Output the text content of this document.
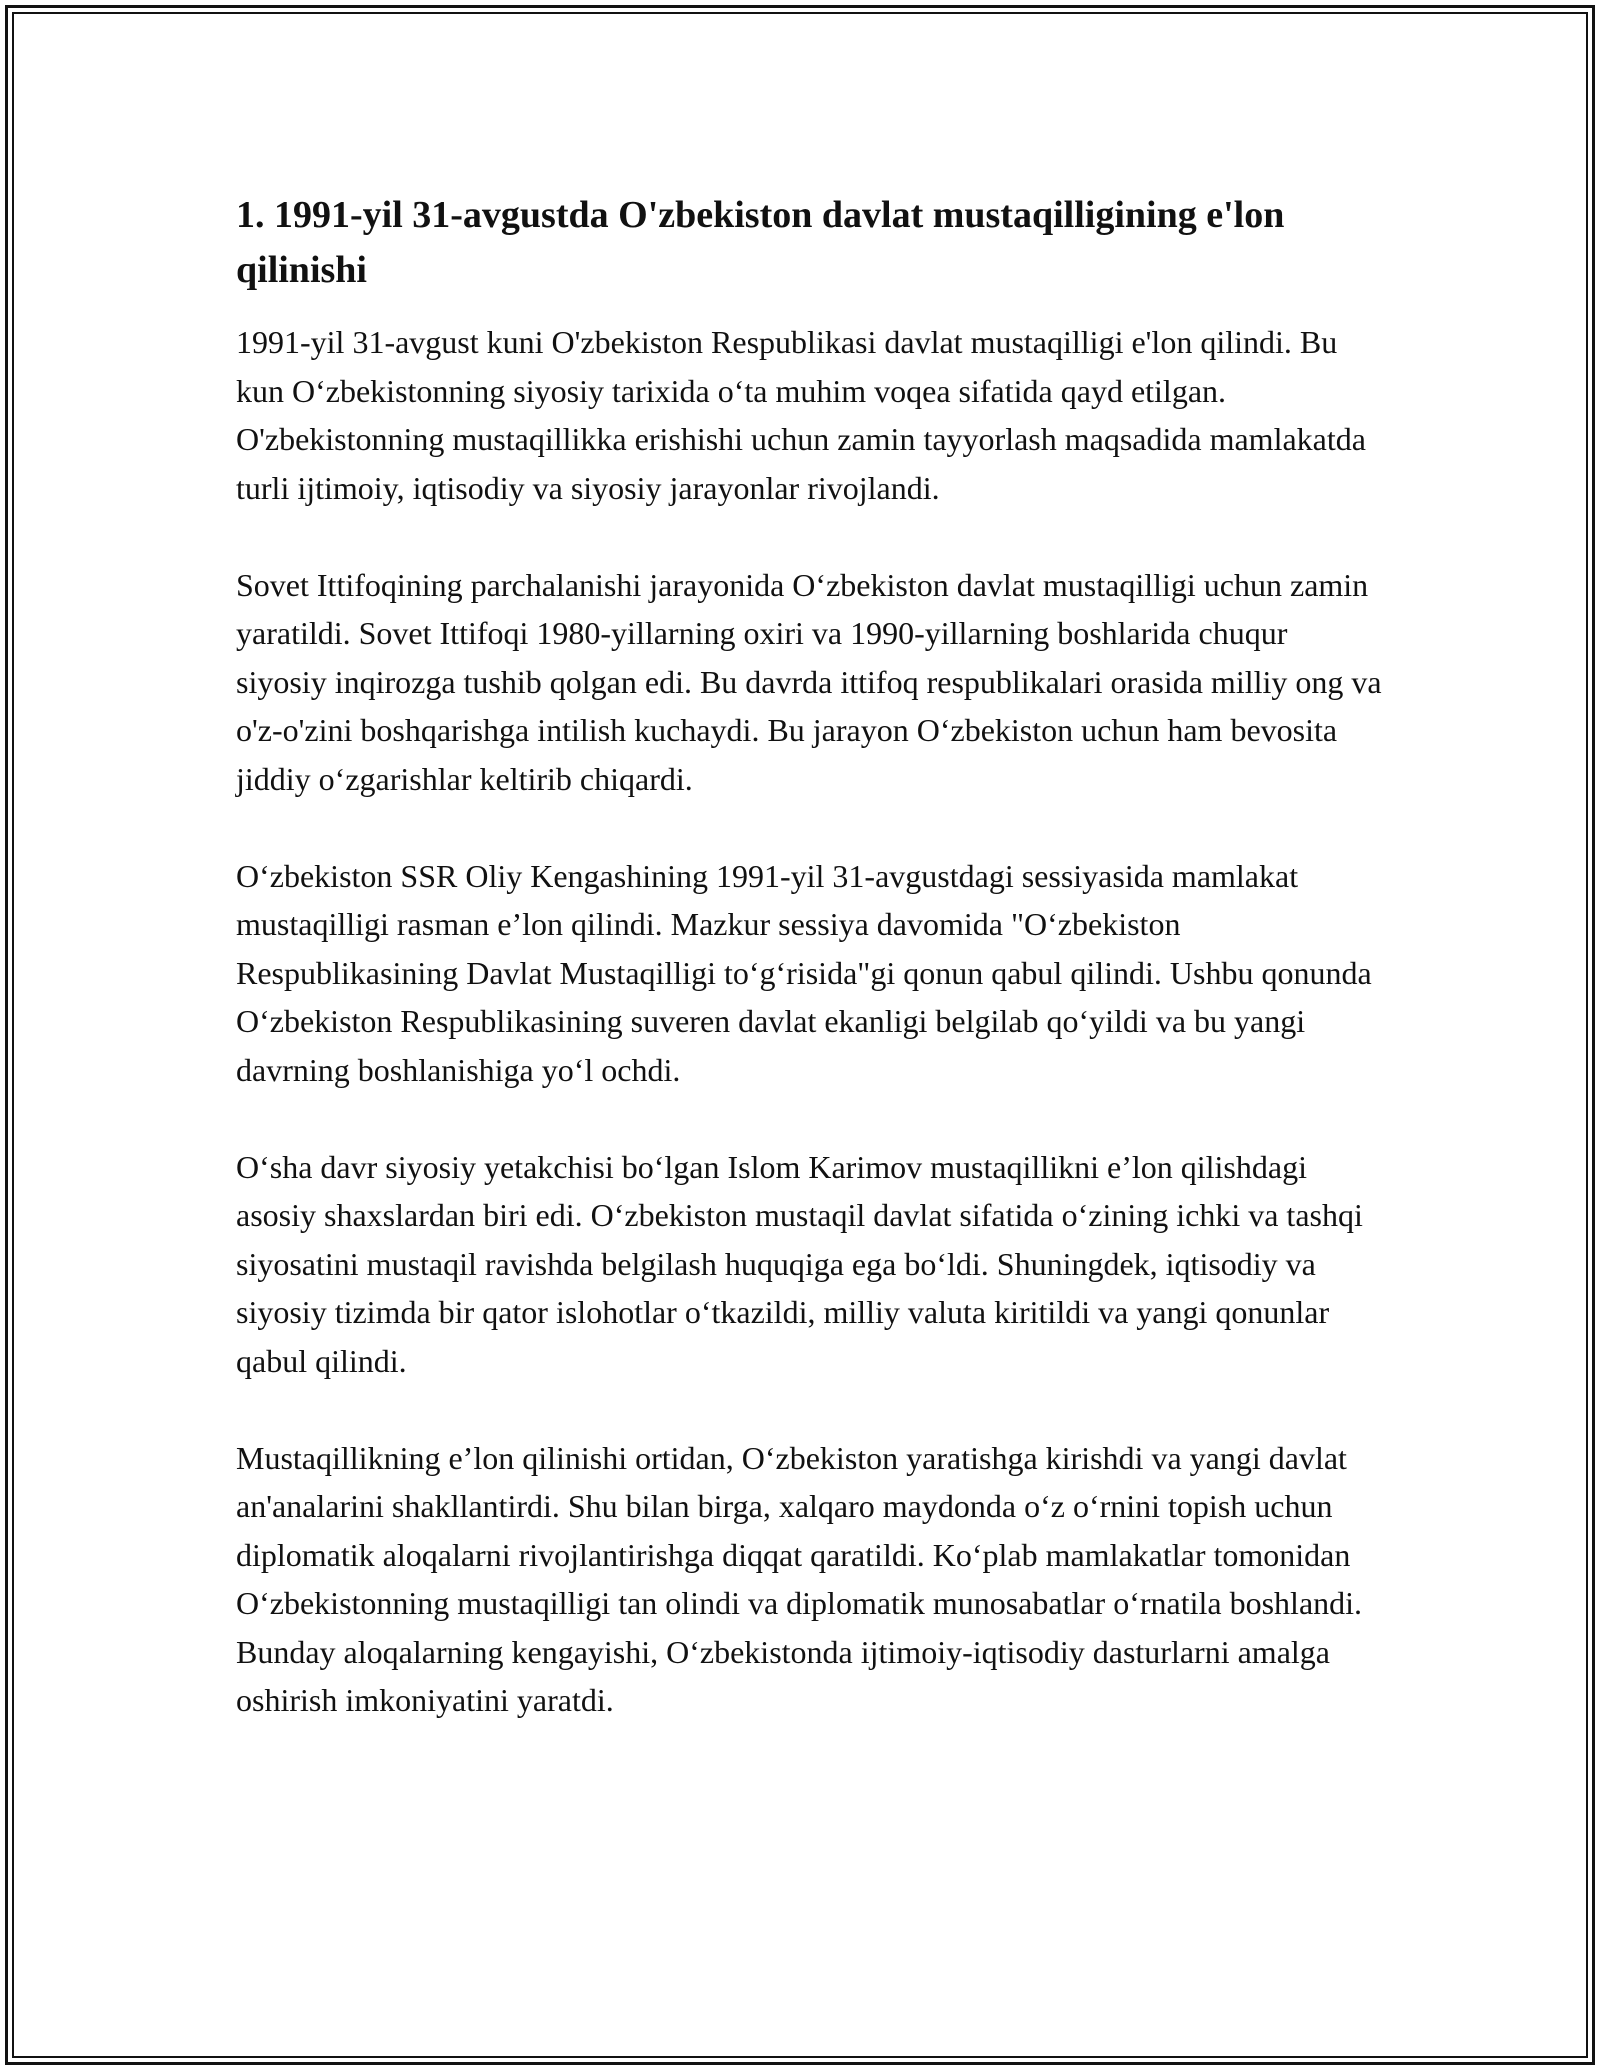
1. 1991-yil 31-avgustda O'zbekiston davlat mustaqilligining e'lon qilinishi

1991-yil 31-avgust kuni O'zbekiston Respublikasi davlat mustaqilligi e'lon qilindi. Bu kun O‘zbekistonning siyosiy tarixida o‘ta muhim voqea sifatida qayd etilgan. O'zbekistonning mustaqillikka erishishi uchun zamin tayyorlash maqsadida mamlakatda turli ijtimoiy, iqtisodiy va siyosiy jarayonlar rivojlandi.

Sovet Ittifoqining parchalanishi jarayonida O‘zbekiston davlat mustaqilligi uchun zamin yaratildi. Sovet Ittifoqi 1980-yillarning oxiri va 1990-yillarning boshlarida chuqur siyosiy inqirozga tushib qolgan edi. Bu davrda ittifoq respublikalari orasida milliy ong va o'z-o'zini boshqarishga intilish kuchaydi. Bu jarayon O‘zbekiston uchun ham bevosita jiddiy o‘zgarishlar keltirib chiqardi.

O‘zbekiston SSR Oliy Kengashining 1991-yil 31-avgustdagi sessiyasida mamlakat mustaqilligi rasman e’lon qilindi. Mazkur sessiya davomida "O‘zbekiston Respublikasining Davlat Mustaqilligi to‘g‘risida"gi qonun qabul qilindi. Ushbu qonunda O‘zbekiston Respublikasining suveren davlat ekanligi belgilab qo‘yildi va bu yangi davrning boshlanishiga yo‘l ochdi.

O‘sha davr siyosiy yetakchisi bo‘lgan Islom Karimov mustaqillikni e’lon qilishdagi asosiy shaxslardan biri edi. O‘zbekiston mustaqil davlat sifatida o‘zining ichki va tashqi siyosatini mustaqil ravishda belgilash huquqiga ega bo‘ldi. Shuningdek, iqtisodiy va siyosiy tizimda bir qator islohotlar o‘tkazildi, milliy valuta kiritildi va yangi qonunlar qabul qilindi.

Mustaqillikning e’lon qilinishi ortidan, O‘zbekiston yaratishga kirishdi va yangi davlat an'analarini shakllantirdi. Shu bilan birga, xalqaro maydonda o‘z o‘rnini topish uchun diplomatik aloqalarni rivojlantirishga diqqat qaratildi. Ko‘plab mamlakatlar tomonidan O‘zbekistonning mustaqilligi tan olindi va diplomatik munosabatlar o‘rnatila boshlandi. Bunday aloqalarning kengayishi, O‘zbekistonda ijtimoiy-iqtisodiy dasturlarni amalga oshirish imkoniyatini yaratdi.
